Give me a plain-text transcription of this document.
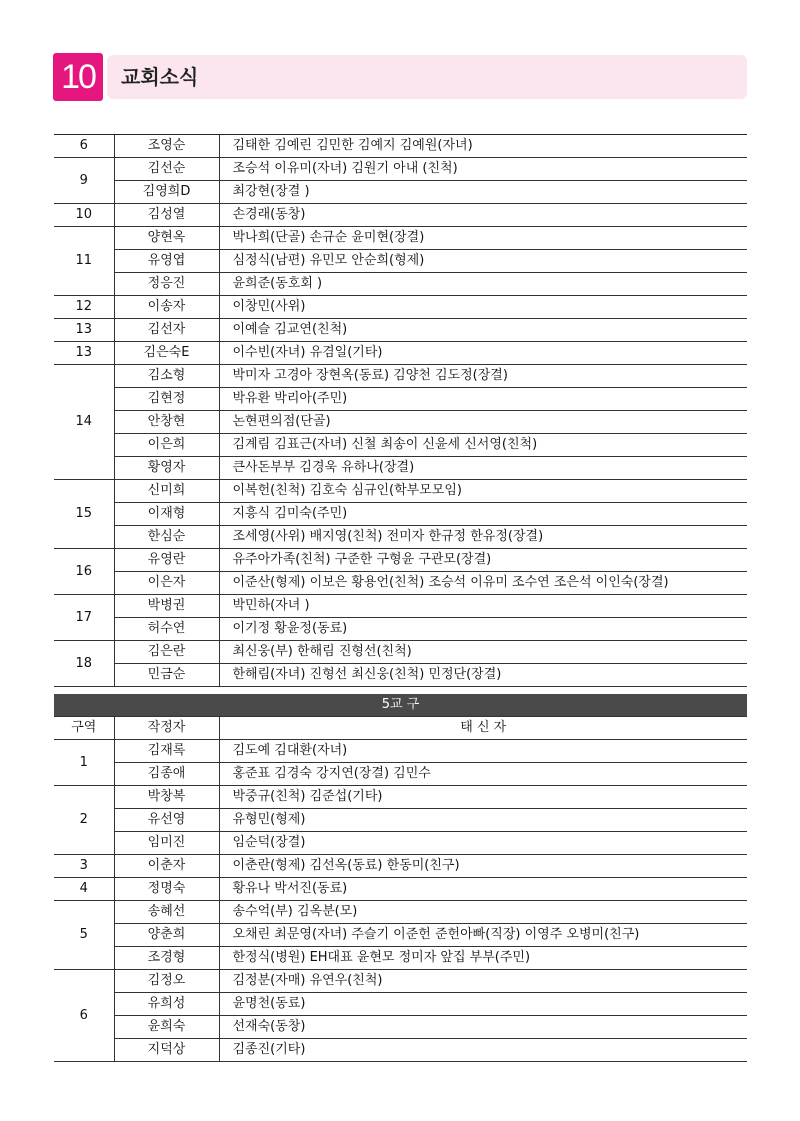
10	교회소식
6	조영순	김태한 김예린 김민한 김예지 김예원(자녀)
9	김선순	조승석 이유미(자녀) 김원기 아내 (친척)
	김영희D	최강현(장결 )
10	김성열	손경래(동창)
11	양현옥	박나희(단골) 손규순 윤미현(장결)
	유영엽	심정식(남편) 유민모 안순희(형제)
	정응진	윤희준(동호회 )
12	이송자	이창민(사위)
13	김선자	이예슬 김교연(친척)
13	김은숙E	이수빈(자녀) 유겸일(기타)
14	김소형	박미자 고경아 장현옥(동료) 김양천 김도정(장결)
	김현정	박유환 박리아(주민)
	안창현	논현편의점(단골)
	이은희	김계림 김표근(자녀) 신철 최송이 신윤세 신서영(친척)
	황영자	큰사돈부부 김경욱 유하나(장결)
15	신미희	이복헌(친척) 김호숙 심규인(학부모모임)
	이재형	지흥식 김미숙(주민)
	한심순	조세영(사위) 배지영(친척) 전미자 한규정 한유정(장결)
16	유영란	유주아가족(친척) 구준한 구형윤 구관모(장결)
	이은자	이준산(형제) 이보은 황용언(친척) 조승석 이유미 조수연 조은석 이인숙(장결)
17	박병권	박민하(자녀 )
	허수연	이기정 황윤정(동료)
18	김은란	최신웅(부) 한해림 진형선(친척)
	민금순	한해림(자녀) 진형선 최신웅(친척) 민정단(장결)
5교 구		
구역	작정자	태 신 자
1	김재록	김도예 김대환(자녀)
	김종애	홍준표 김경숙 강지연(장결) 김민수
2	박창복	박중규(친척) 김준섭(기타)
	유선영	유형민(형제)
	임미진	임순덕(장결)
3	이춘자	이춘란(형제) 김선옥(동료) 한동미(친구)
4	정명숙	황유나 박서진(동료)
5	송혜선	송수억(부) 김옥분(모)
	양춘희	오채린 최문영(자녀) 주슬기 이준헌 준헌아빠(직장) 이영주 오병미(친구)
	조경형	한정식(병원) EH대표 윤현모 정미자 앞집 부부(주민)
6	김정오	김정분(자매) 유연우(친척)
	유희성	윤명천(동료)
	윤희숙	선재숙(동창)
	지덕상	김종진(기타)
